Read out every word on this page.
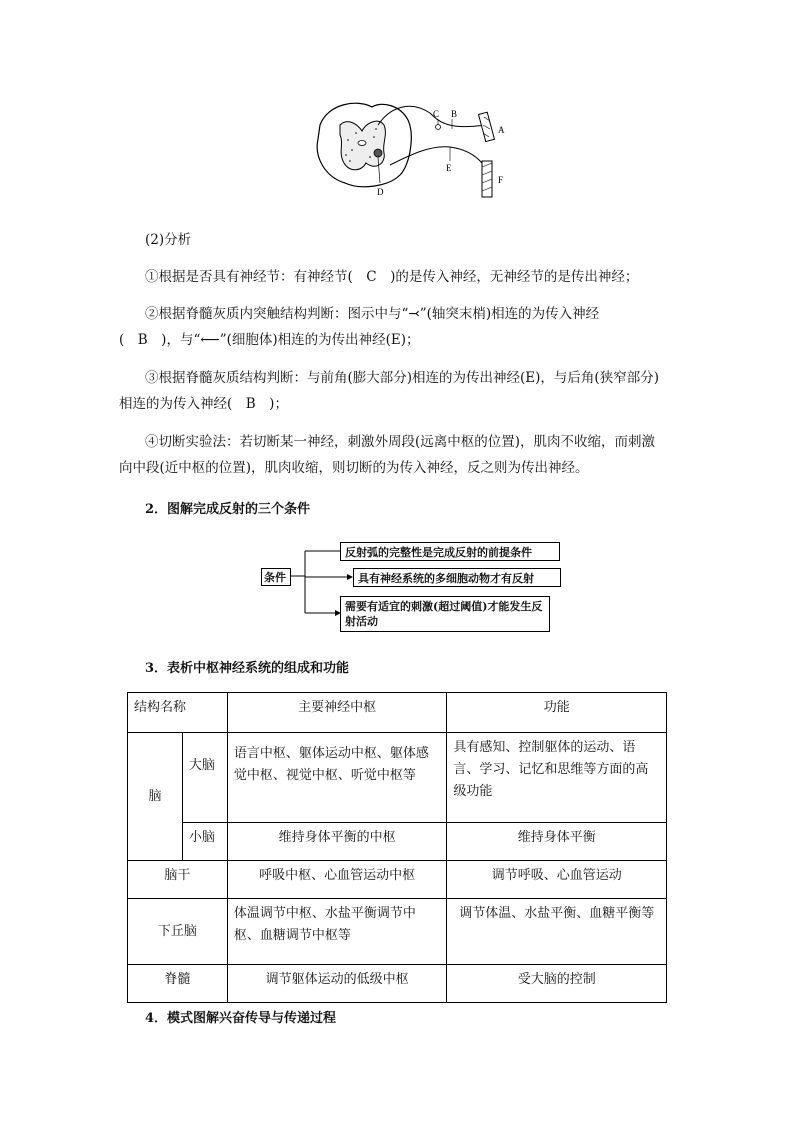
C B
A
E
F
D
(2)分析
①根据是否具有神经节：有神经节(　C　)的是传入神经，无神经节的是传出神经；
②根据脊髓灰质内突触结构判断：图示中与“⤙”(轴突末梢)相连的为传入神经
(　B　)，与“⟵”(细胞体)相连的为传出神经(E)；
③根据脊髓灰质结构判断：与前角(膨大部分)相连的为传出神经(E)，与后角(狭窄部分)
相连的为传入神经(　B　)；
④切断实验法：若切断某一神经，刺激外周段(远离中枢的位置)，肌肉不收缩，而刺激
向中段(近中枢的位置)，肌肉收缩，则切断的为传入神经，反之则为传出神经。
2．图解完成反射的三个条件
条件
反射弧的完整性是完成反射的前提条件
具有神经系统的多细胞动物才有反射
需要有适宜的刺激(超过阈值)才能发生反射活动
3．表析中枢神经系统的组成和功能
结构名称		主要神经中枢	功能
脑	大脑	语言中枢、躯体运动中枢、躯体感觉中枢、视觉中枢、听觉中枢等	具有感知、控制躯体的运动、语言、学习、记忆和思维等方面的高级功能
	小脑	维持身体平衡的中枢	维持身体平衡
脑干		呼吸中枢、心血管运动中枢	调节呼吸、心血管运动
下丘脑		体温调节中枢、水盐平衡调节中枢、血糖调节中枢等	调节体温、水盐平衡、血糖平衡等
脊髓		调节躯体运动的低级中枢	受大脑的控制
4．模式图解兴奋传导与传递过程
